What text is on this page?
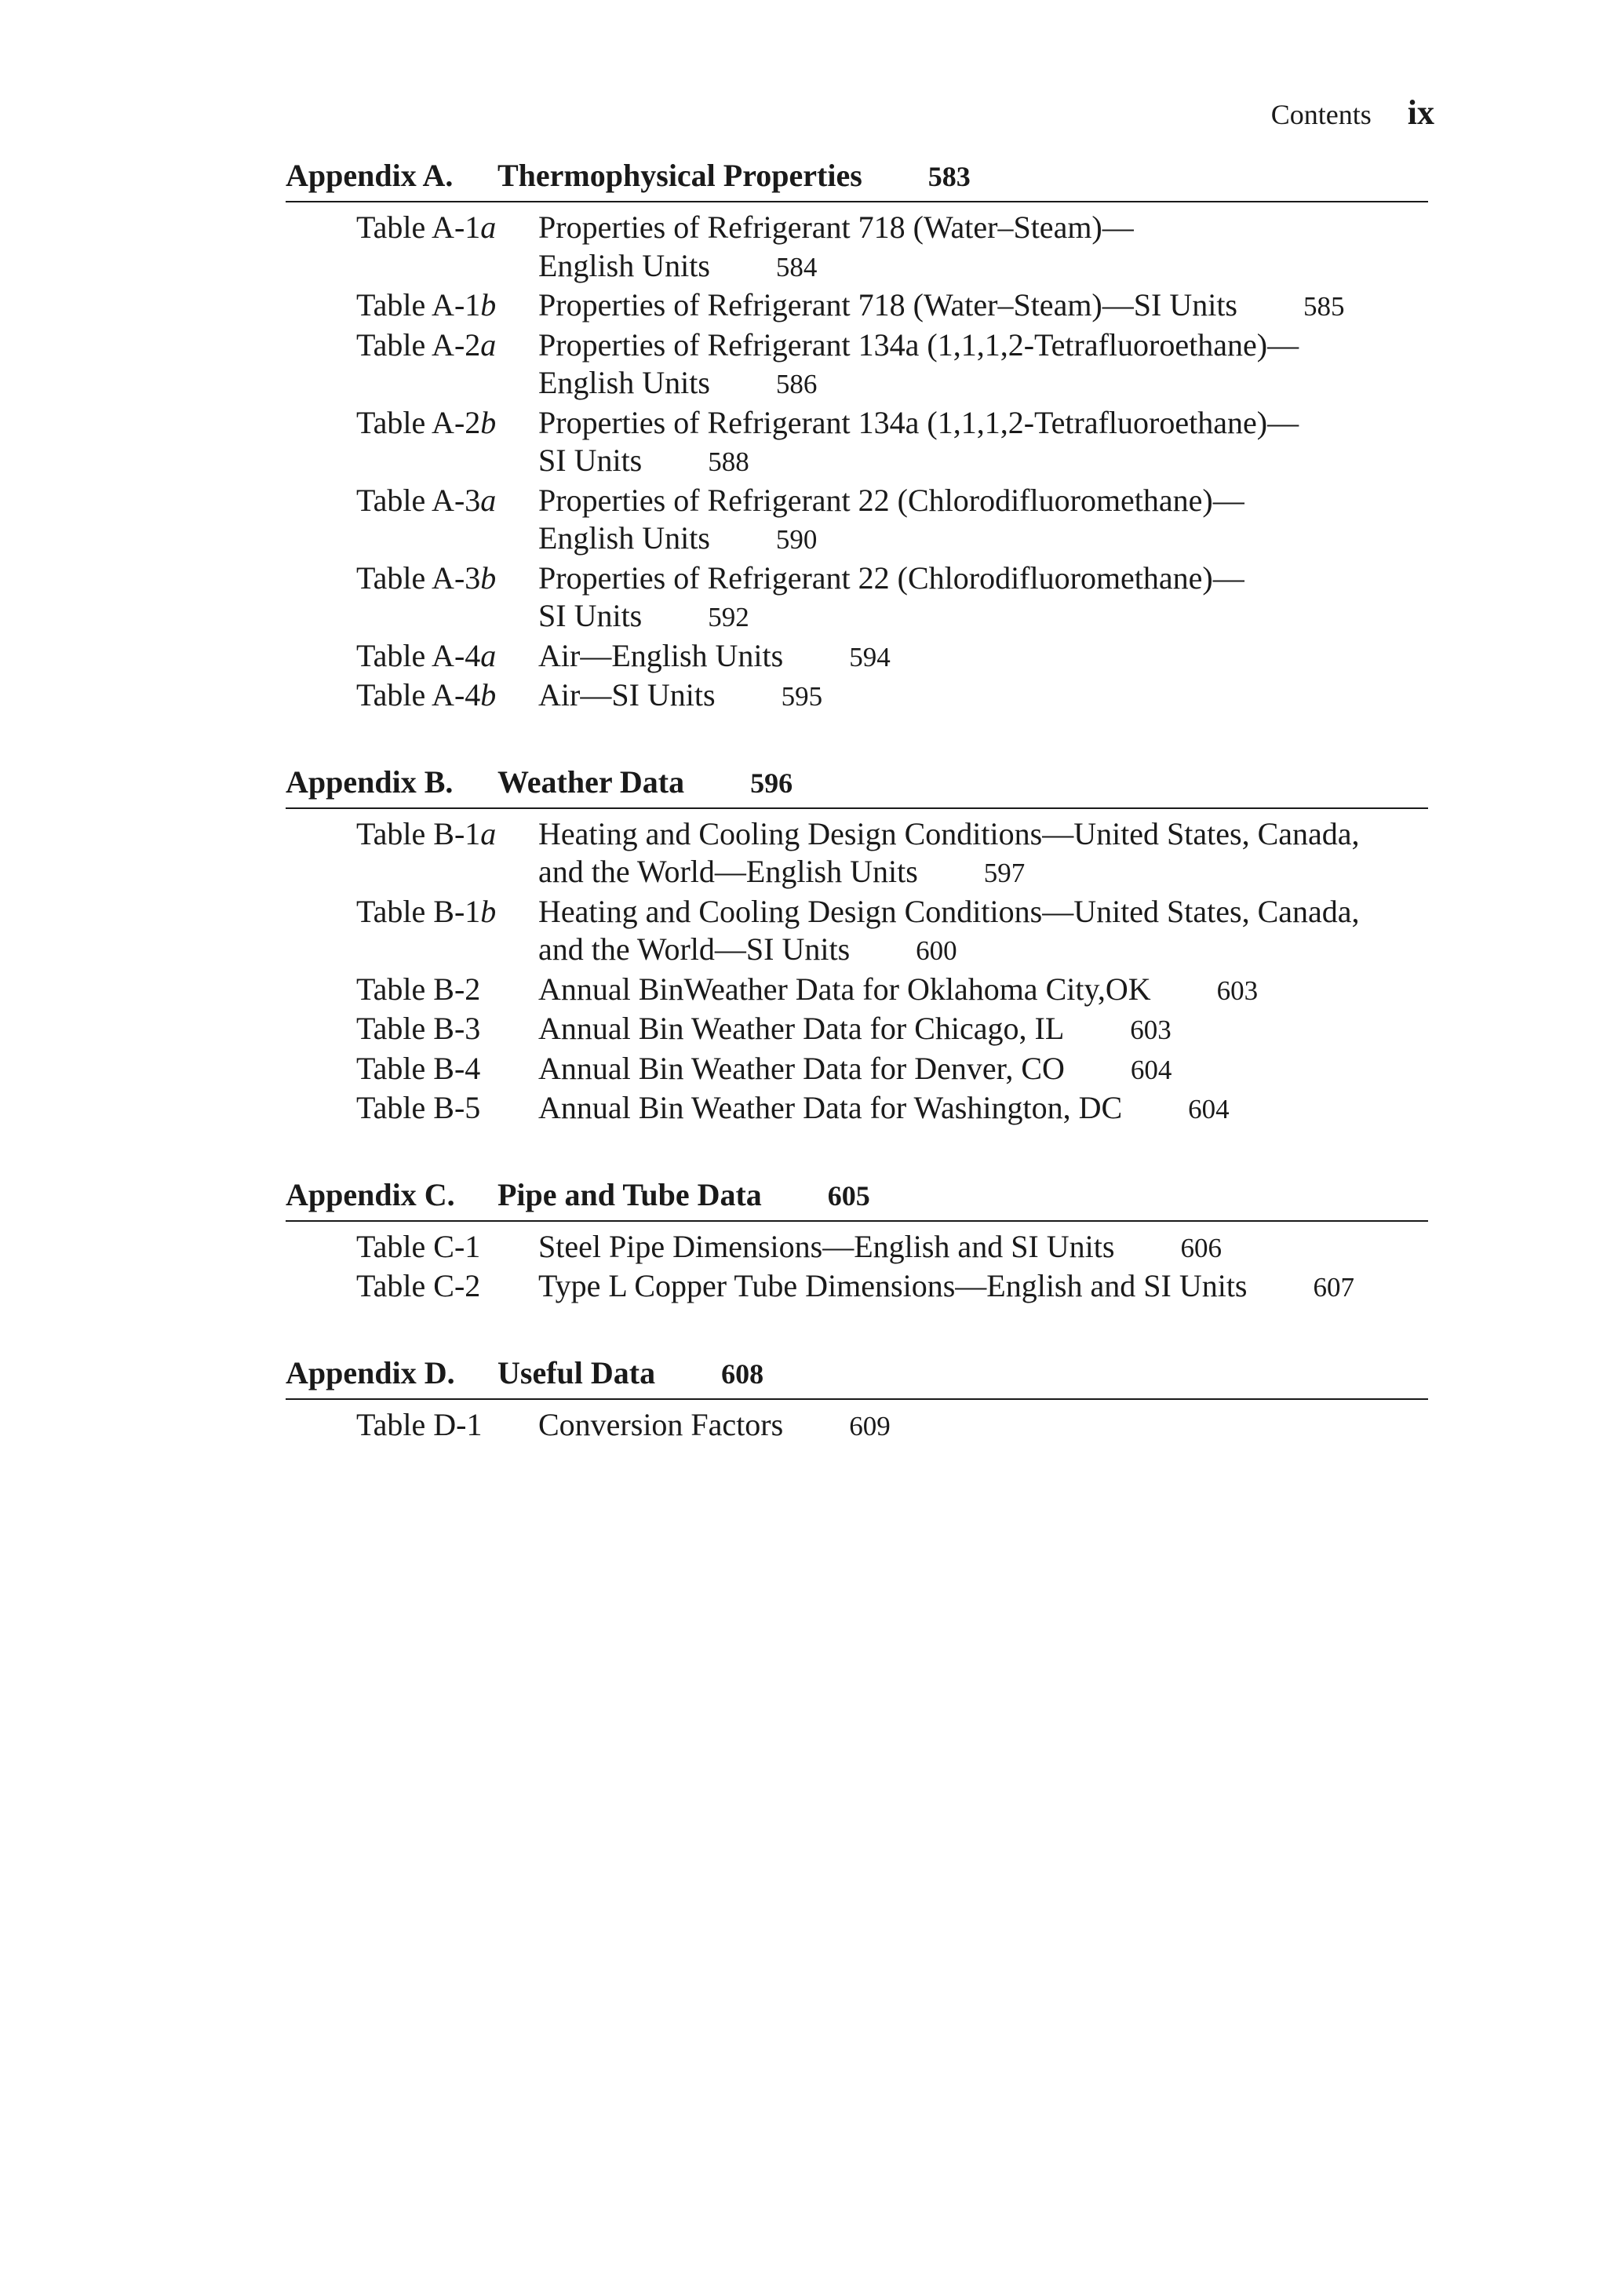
Contents ix
Appendix A.	Thermophysical Properties 583
Table A-1a	Properties of Refrigerant 718 (Water–Steam)—
English Units 584
Table A-1b	Properties of Refrigerant 718 (Water–Steam)—SI Units 585
Table A-2a	Properties of Refrigerant 134a (1,1,1,2-Tetrafluoroethane)—
English Units 586
Table A-2b	Properties of Refrigerant 134a (1,1,1,2-Tetrafluoroethane)—
SI Units 588
Table A-3a	Properties of Refrigerant 22 (Chlorodifluoromethane)—
English Units 590
Table A-3b	Properties of Refrigerant 22 (Chlorodifluoromethane)—
SI Units 592
Table A-4a	Air—English Units 594
Table A-4b	Air—SI Units 595
Appendix B.	Weather Data 596
Table B-1a	Heating and Cooling Design Conditions—United States, Canada,
and the World—English Units 597
Table B-1b	Heating and Cooling Design Conditions—United States, Canada,
and the World—SI Units 600
Table B-2	Annual BinWeather Data for Oklahoma City,OK 603
Table B-3	Annual Bin Weather Data for Chicago, IL 603
Table B-4	Annual Bin Weather Data for Denver, CO 604
Table B-5	Annual Bin Weather Data for Washington, DC 604
Appendix C.	Pipe and Tube Data 605
Table C-1	Steel Pipe Dimensions—English and SI Units 606
Table C-2	Type L Copper Tube Dimensions—English and SI Units 607
Appendix D.	Useful Data 608
Table D-1	Conversion Factors 609
